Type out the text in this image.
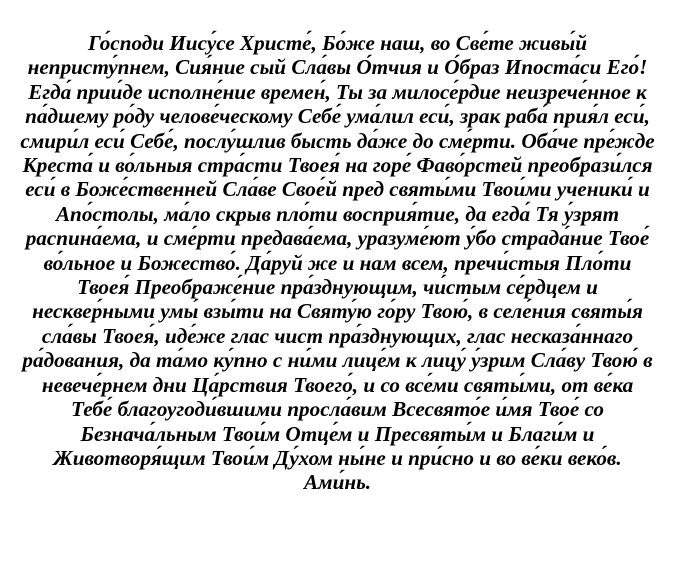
Го́споди Иису́се Христе́, Бо́же наш, во Све́те живы́й
непристу́пнем, Сия́ние сый Сла́вы О́тчия и О́браз Ипоста́си Его́!
Егда́ прии́де исполне́ние времен́, Ты за милосе́рдие неизрече́нное к
па́дшему ро́ду челове́ческому Себе́ ума́лил еси́, зрак раба́ прия́л еси́,
смири́л еси́ Себе́, послу́шлив бысть да́же до сме́рти. Оба́че пре́жде
Креста́ и во́льныя стра́сти Твоея́ на горе́ Фаво́рстей преобрази́лся
еси́ в Боже́ственней Сла́ве Свое́й пред святы́ми Твои́ми ученики́ и
Апо́столы, ма́ло скрыв пло́ти восприя́тие, да егда́ Тя у́зрят
распина́ема, и сме́рти предава́ема, уразуме́ют у́бо страда́ние Твое́
во́льное и Божество́. Да́руй же и нам всем, пречи́стыя Пло́ти
Твоея́ Преображе́ние пра́зднующим, чи́стым се́рдцем и
несквер́ными умы́ взы́ти на Святу́ю го́ру Твою́, в селе́ния святы́я
сла́вы Твоея́, иде́же глас чист пра́зднующих, глас несказа́ннаго
ра́дования, да та́мо ку́пно с ни́ми лице́м к лицу́ у́зрим Сла́ву Твою́ в
невече́рнем дни Ца́рствия Твоего́, и со все́ми святы́ми, от ве́ка
Тебе́ благоугоди́вшими просла́вим Всесвято́е и́мя Твое́ со
Безнача́льным Твои́м Отце́м и Пресвяты́м и Благи́м и
Животворя́щим Твои́м Ду́хом ны́не и при́сно и во ве́ки веко́в.
Ами́нь.
